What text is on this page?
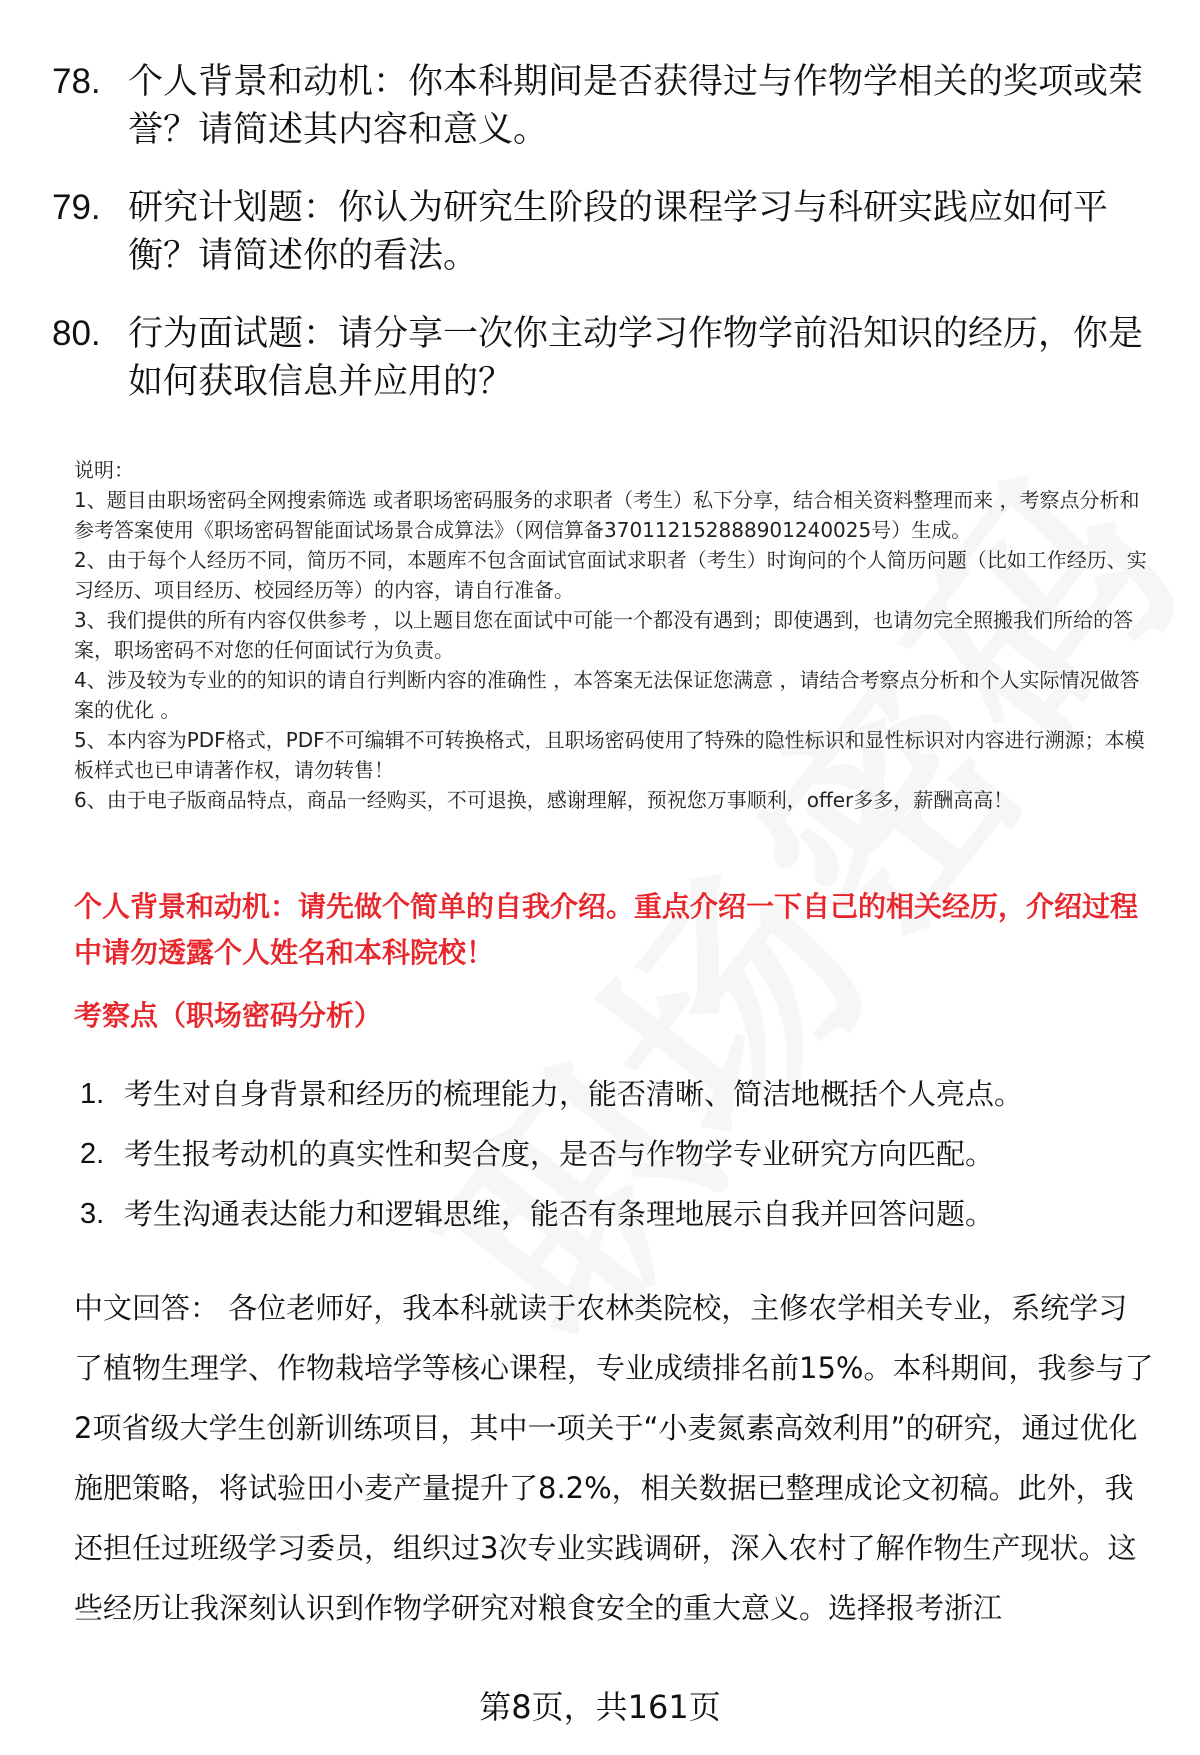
78. 个人背景和动机：你本科期间是否获得过与作物学相关的奖项或荣誉？请简述其内容和意义。
79. 研究计划题：你认为研究生阶段的课程学习与科研实践应如何平衡？请简述你的看法。
80. 行为面试题：请分享一次你主动学习作物学前沿知识的经历，你是如何获取信息并应用的？

说明：

1、题目由职场密码全网搜索筛选 或者职场密码服务的求职者（考生）私下分享，结合相关资料整理而来 ，考察点分析和参考答案使用《职场密码智能面试场景合成算法》（网信算备370112152888901240025号）生成。

2、由于每个人经历不同，简历不同，本题库不包含面试官面试求职者（考生）时询问的个人简历问题（比如工作经历、实习经历、项目经历、校园经历等）的内容，请自行准备。

3、我们提供的所有内容仅供参考 ，以上题目您在面试中可能一个都没有遇到；即使遇到，也请勿完全照搬我们所给的答案，职场密码不对您的任何面试行为负责。

4、涉及较为专业的的知识的请自行判断内容的准确性 ，本答案无法保证您满意 ，请结合考察点分析和个人实际情况做答案的优化 。

5、本内容为PDF格式，PDF不可编辑不可转换格式，且职场密码使用了特殊的隐性标识和显性标识对内容进行溯源；本模板样式也已申请著作权，请勿转售！

6、由于电子版商品特点，商品一经购买，不可退换，感谢理解，预祝您万事顺利，offer多多，薪酬高高！

个人背景和动机：请先做个简单的自我介绍。重点介绍一下自己的相关经历，介绍过程中请勿透露个人姓名和本科院校！
考察点（职场密码分析）
1. 考生对自身背景和经历的梳理能力，能否清晰、简洁地概括个人亮点。
2. 考生报考动机的真实性和契合度，是否与作物学专业研究方向匹配。
3. 考生沟通表达能力和逻辑思维，能否有条理地展示自我并回答问题。
中文回答： 各位老师好，我本科就读于农林类院校，主修农学相关专业，系统学习了植物生理学、作物栽培学等核心课程，专业成绩排名前15%。本科期间，我参与了2项省级大学生创新训练项目，其中一项关于“小麦氮素高效利用”的研究，通过优化施肥策略，将试验田小麦产量提升了8.2%，相关数据已整理成论文初稿。此外，我还担任过班级学习委员，组织过3次专业实践调研，深入农村了解作物生产现状。这些经历让我深刻认识到作物学研究对粮食安全的重大意义。选择报考浙江
第8页，共161页
